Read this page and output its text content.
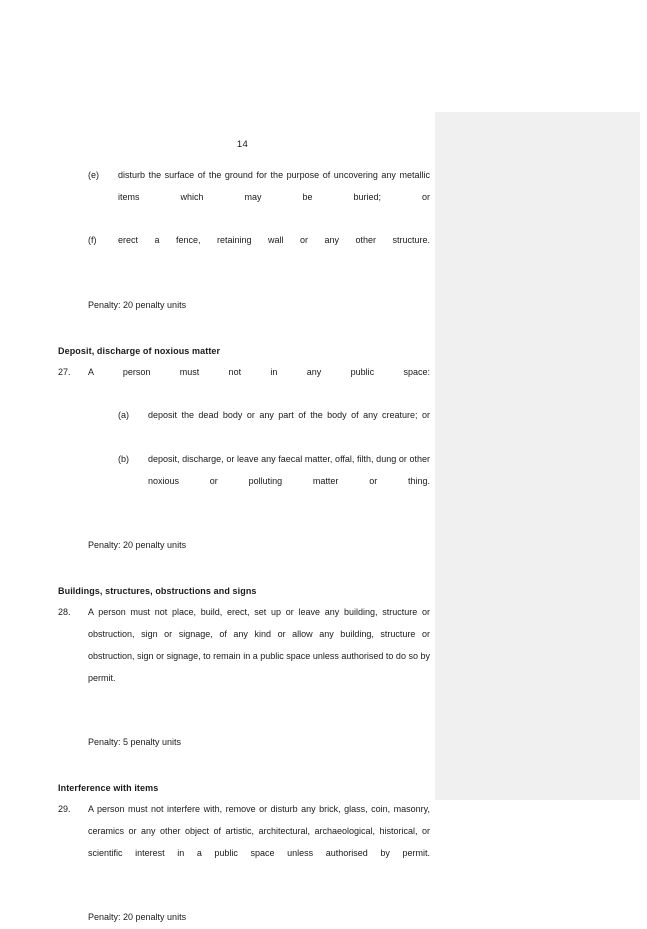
14

(e)	disturb the surface of the ground for the purpose of uncovering any metallic items which may be buried; or

(f)	erect a fence, retaining wall or any other structure.

Penalty: 20 penalty units

Deposit, discharge of noxious matter

27.	A person must not in any public space:

(a)	deposit the dead body or any part of the body of any creature; or

(b)	deposit, discharge, or leave any faecal matter, offal, filth, dung or other noxious or polluting matter or thing.

Penalty: 20 penalty units

Buildings, structures, obstructions and signs

28.	A person must not place, build, erect, set up or leave any building, structure or obstruction, sign or signage, of any kind or allow any building, structure or obstruction, sign or signage, to remain in a public space unless authorised to do so by permit.

Penalty: 5 penalty units

Interference with items

29.	A person must not interfere with, remove or disturb any brick, glass, coin, masonry, ceramics or any other object of artistic, architectural, archaeological, historical, or scientific interest in a public space unless authorised by permit.

Penalty: 20 penalty units
